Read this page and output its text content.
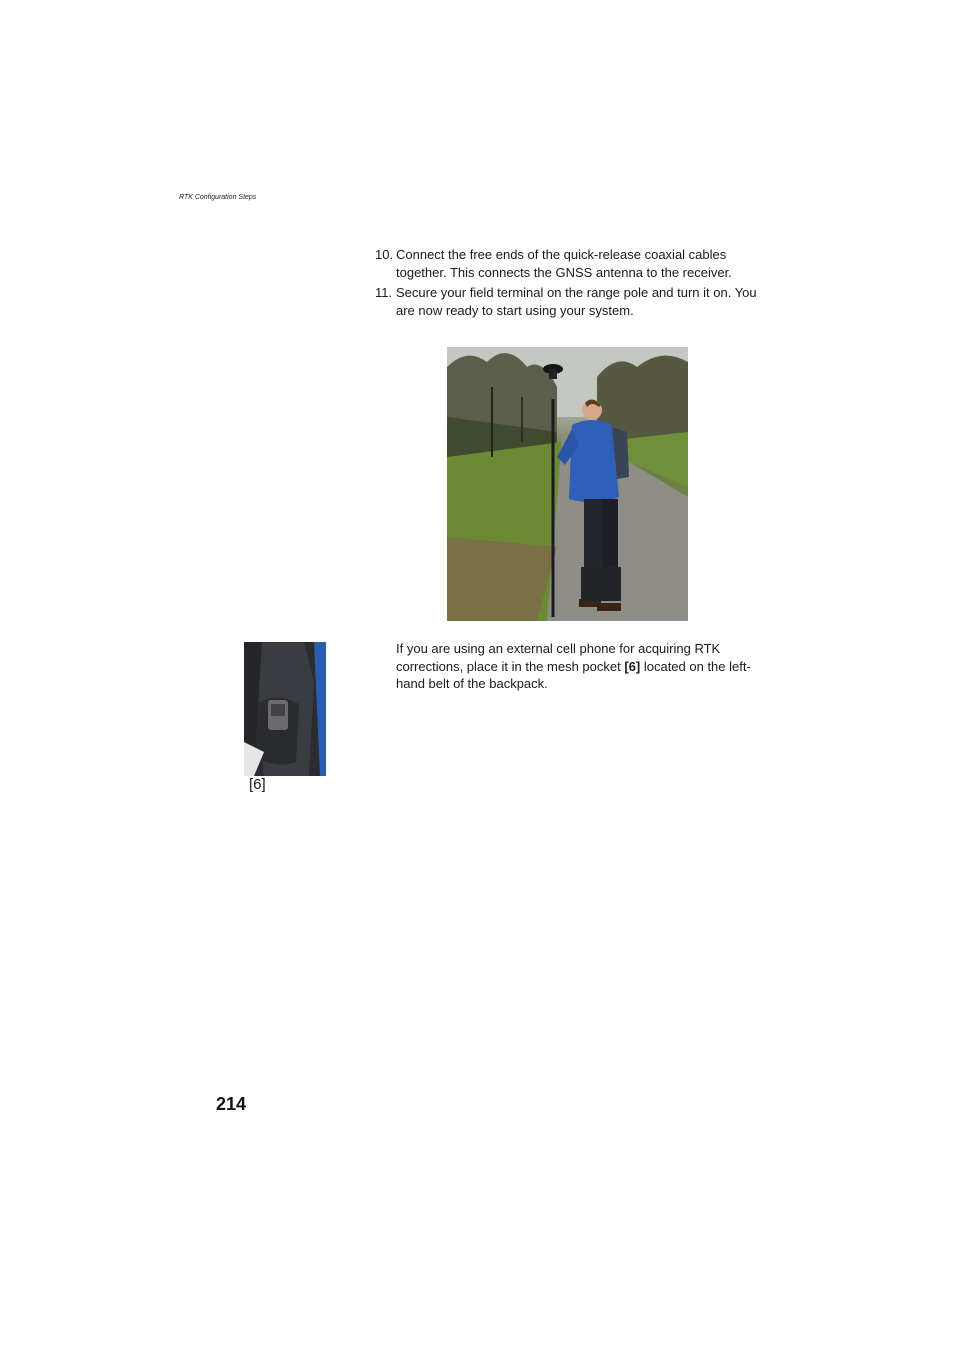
RTK Configuration Steps
10. Connect the free ends of the quick-release coaxial cables together. This connects the GNSS antenna to the receiver.
11. Secure your field terminal on the range pole and turn it on. You are now ready to start using your system.
[6]
If you are using an external cell phone for acquiring RTK corrections, place it in the mesh pocket [6] located on the left-hand belt of the backpack.
214
